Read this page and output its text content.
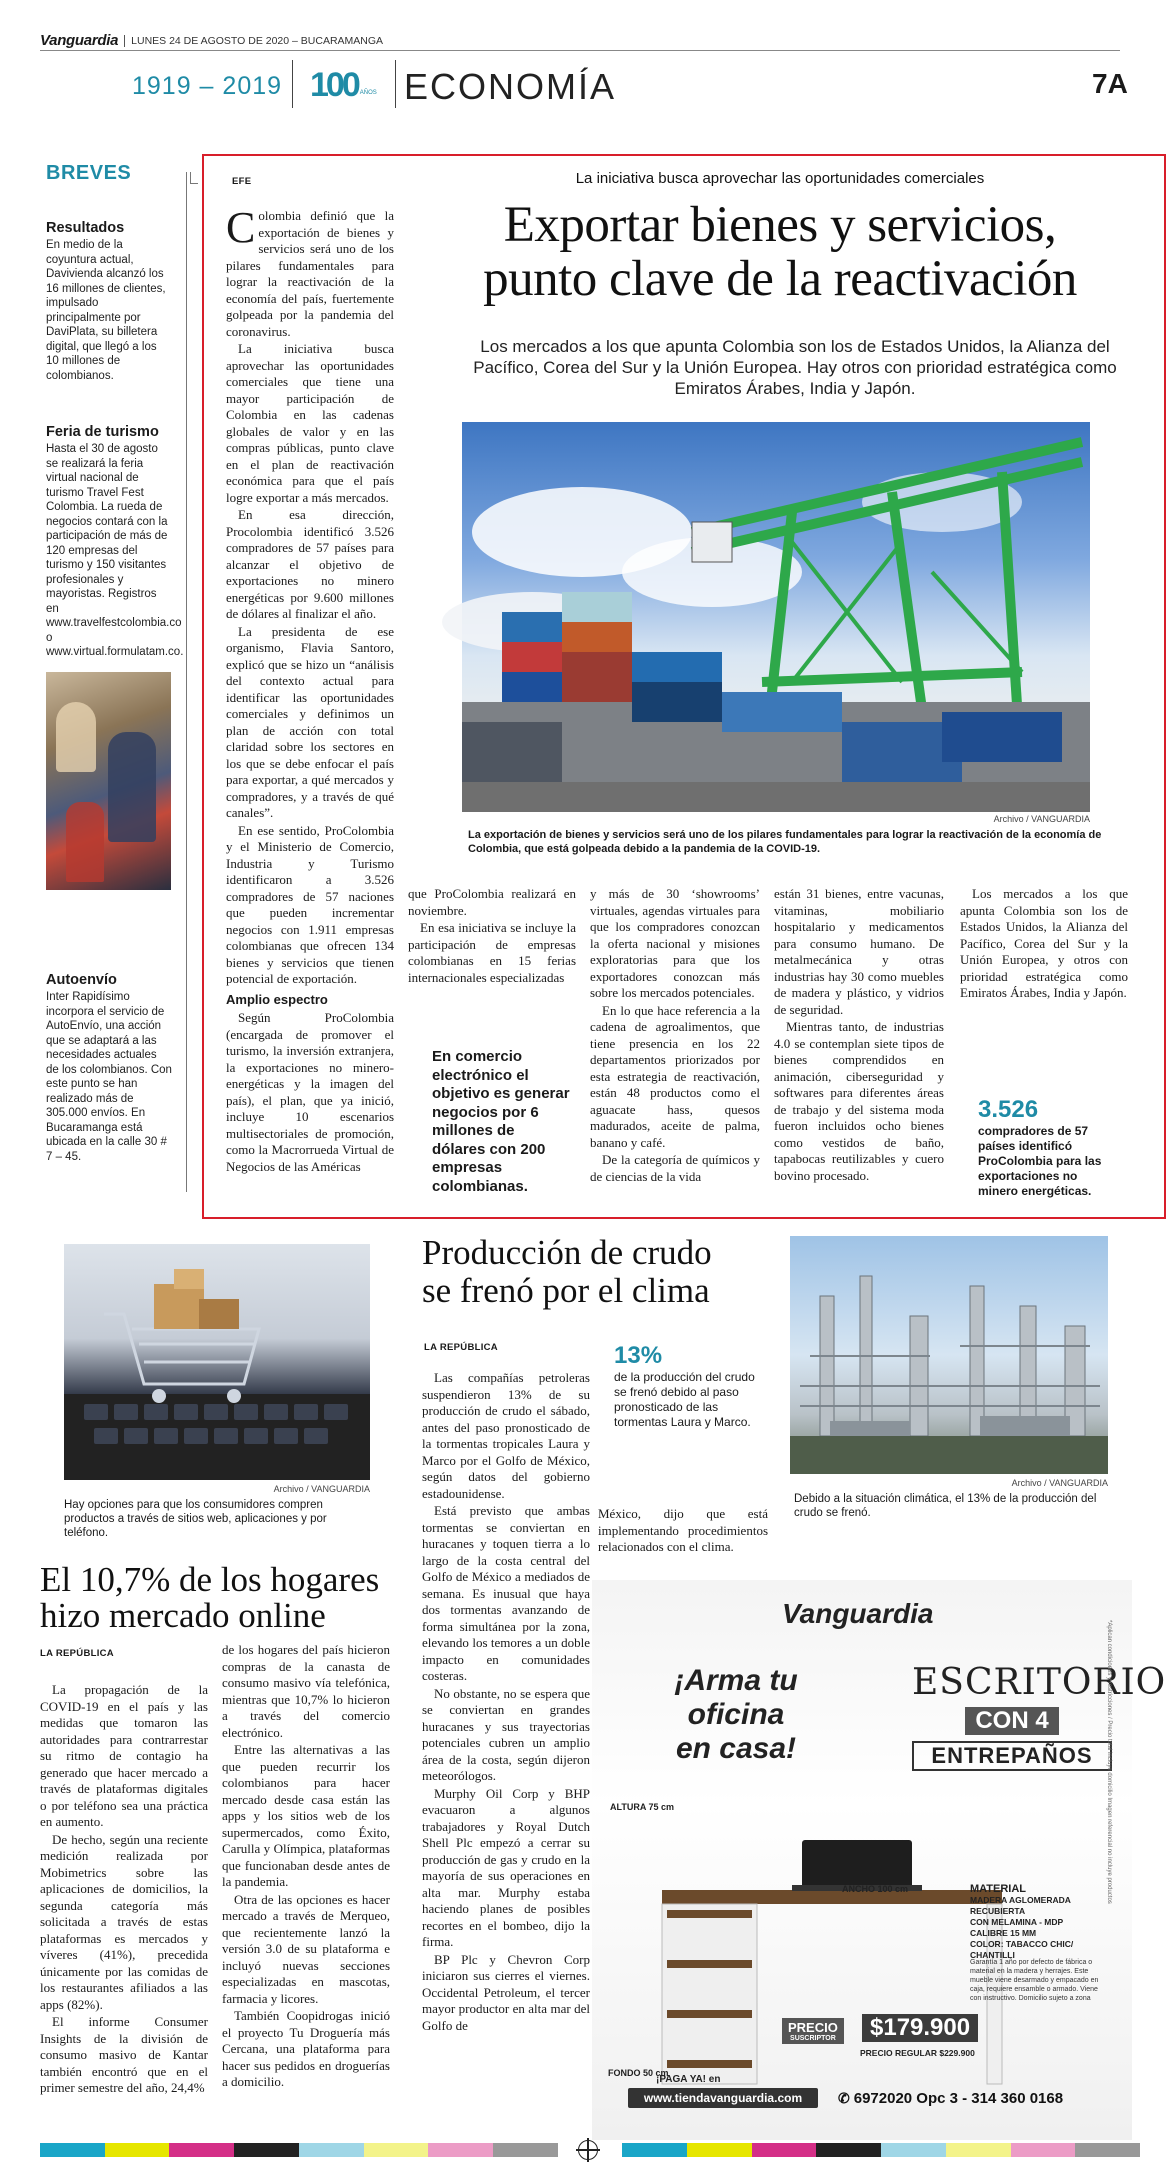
Vanguardia LUNES 24 DE AGOSTO DE 2020 – BUCARAMANGA
1919 – 2019 100 AÑOS ECONOMÍA	7A
BREVES
Resultados
En medio de la coyuntura actual, Davivienda alcanzó los 16 millones de clientes, impulsado principalmente por DaviPlata, su billetera digital, que llegó a los 10 millones de colombianos.
Feria de turismo
Hasta el 30 de agosto se realizará la feria virtual nacional de turismo Travel Fest Colombia. La rueda de negocios contará con la participación de más de 120 empresas del turismo y 150 visitantes profesionales y mayoristas. Registros en www.travelfestcolombia.co o www.virtual.formulatam.co.
Autoenvío
Inter Rapidísimo incorpora el servicio de AutoEnvío, una acción que se adaptará a las necesidades actuales de los colombianos. Con este punto se han realizado más de 305.000 envíos. En Bucaramanga está ubicada en la calle 30 # 7 – 45.
EFE	La iniciativa busca aprovechar las oportunidades comerciales
Exportar bienes y servicios,
punto clave de la reactivación
Los mercados a los que apunta Colombia son los de Estados Unidos, la Alianza del Pacífico, Corea del Sur y la Unión Europea. Hay otros con prioridad estratégica como Emiratos Árabes, India y Japón.
Archivo / VANGUARDIA
La exportación de bienes y servicios será uno de los pilares fundamentales para lograr la reactivación de la economía de Colombia, que está golpeada debido a la pandemia de la COVID-19.

Colombia definió que la exportación de bienes y servicios será uno de los pilares fundamentales para lograr la reactivación de la economía del país, fuertemente golpeada por la pandemia del coronavirus.

La iniciativa busca aprovechar las oportunidades comerciales que tiene una mayor participación de Colombia en las cadenas globales de valor y en las compras públicas, punto clave en el plan de reactivación económica para que el país logre exportar a más mercados.

En esa dirección, Procolombia identificó 3.526 compradores de 57 países para alcanzar el objetivo de exportaciones no minero energéticas por 9.600 millones de dólares al finalizar el año.

La presidenta de ese organismo, Flavia Santoro, explicó que se hizo un “análisis del contexto actual para identificar las oportunidades comerciales y definimos un plan de acción con total claridad sobre los sectores en los que se debe enfocar el país para exportar, a qué mercados y compradores, y a través de qué canales”.

En ese sentido, ProColombia y el Ministerio de Comercio, Industria y Turismo identificaron a 3.526 compradores de 57 naciones que pueden incrementar negocios con 1.911 empresas colombianas que ofrecen 134 bienes y servicios que tienen potencial de exportación.

Amplio espectro

Según ProColombia (encargada de promover el turismo, la inversión extranjera, la exportaciones no minero-energéticas y la imagen del país), el plan, que ya inició, incluye 10 escenarios multisectoriales de promoción, como la Macrorrueda Virtual de Negocios de las Américas

que ProColombia realizará en noviembre.

En esa iniciativa se incluye la participación de empresas colombianas en 15 ferias internacionales especializadas

En comercio electrónico el objetivo es generar negocios por 6 millones de dólares con 200 empresas colombianas.

y más de 30 ‘showrooms’ virtuales, agendas virtuales para que los compradores conozcan la oferta nacional y misiones exploratorias para que los exportadores conozcan más sobre los mercados potenciales.

En lo que hace referencia a la cadena de agroalimentos, que tiene presencia en los 22 departamentos priorizados por esta estrategia de reactivación, están 48 productos como el aguacate hass, quesos madurados, aceite de palma, banano y café.

De la categoría de químicos y de ciencias de la vida

están 31 bienes, entre vacunas, vitaminas, mobiliario hospitalario y medicamentos para consumo humano. De metalmecánica y otras industrias hay 30 como muebles de madera y plástico, y vidrios de seguridad.

Mientras tanto, de industrias 4.0 se contemplan siete tipos de bienes comprendidos en animación, ciberseguridad y softwares para diferentes áreas de trabajo y del sistema moda fueron incluidos ocho bienes como vestidos de baño, tapabocas reutilizables y cuero bovino procesado.

Los mercados a los que apunta Colombia son los de Estados Unidos, la Alianza del Pacífico, Corea del Sur y la Unión Europea, y otros con prioridad estratégica como Emiratos Árabes, India y Japón.

3.526
compradores de 57 países identificó ProColombia para las exportaciones no minero energéticas.
Archivo / VANGUARDIA
Hay opciones para que los consumidores compren productos a través de sitios web, aplicaciones y por teléfono.
El 10,7% de los hogares
hizo mercado online
LA REPÚBLICA

La propagación de la COVID-19 en el país y las medidas que tomaron las autoridades para contrarrestar su ritmo de contagio ha generado que hacer mercado a través de plataformas digitales o por teléfono sea una práctica en aumento.

De hecho, según una reciente medición realizada por Mobimetrics sobre las aplicaciones de domicilios, la segunda categoría más solicitada a través de estas plataformas es mercados y víveres (41%), precedida únicamente por las comidas de los restaurantes afiliados a las apps (82%).

El informe Consumer Insights de la división de consumo masivo de Kantar también encontró que en el primer semestre del año, 24,4%

de los hogares del país hicieron compras de la canasta de consumo masivo vía telefónica, mientras que 10,7% lo hicieron a través del comercio electrónico.

Entre las alternativas a las que pueden recurrir los colombianos para hacer mercado desde casa están las apps y los sitios web de los supermercados, como Éxito, Carulla y Olímpica, plataformas que funcionaban desde antes de la pandemia.

Otra de las opciones es hacer mercado a través de Merqueo, que recientemente lanzó la versión 3.0 de su plataforma e incluyó nuevas secciones especializadas en mascotas, farmacia y licores.

También Coopidrogas inició el proyecto Tu Droguería más Cercana, una plataforma para hacer sus pedidos en droguerías a domicilio.

Producción de crudo
se frenó por el clima
LA REPÚBLICA	13%
de la producción del crudo se frenó debido al paso pronosticado de las tormentas Laura y Marco.

Las compañías petroleras suspendieron 13% de su producción de crudo el sábado, antes del paso pronosticado de la tormentas tropicales Laura y Marco por el Golfo de México, según datos del gobierno estadounidense.

Está previsto que ambas tormentas se conviertan en huracanes y toquen tierra a lo largo de la costa central del Golfo de México a mediados de semana. Es inusual que haya dos tormentas avanzando de forma simultánea por la zona, elevando los temores a un doble impacto en comunidades costeras.

No obstante, no se espera que se conviertan en grandes huracanes y sus trayectorias potenciales cubren un amplio área de la costa, según dijeron meteorólogos.

Murphy Oil Corp y BHP evacuaron a algunos trabajadores y Royal Dutch Shell Plc empezó a cerrar su producción de gas y crudo en la mayoría de sus operaciones en alta mar. Murphy estaba haciendo planes de posibles recortes en el bombeo, dijo la firma.

BP Plc y Chevron Corp iniciaron sus cierres el viernes. Occidental Petroleum, el tercer mayor productor en alta mar del Golfo de

México, dijo que está implementando procedimientos relacionados con el clima.

Archivo / VANGUARDIA
Debido a la situación climática, el 13% de la producción del crudo se frenó.
Vanguardia
¡Arma tu oficina
en casa!
ESCRITORIO
CON 4
ENTREPAÑOS
ALTURA 75 cm
ANCHO 100 cm
FONDO 50 cm
MATERIAL
MADERA AGLOMERADA RECUBIERTA
CON MELAMINA - MDP
CALIBRE 15 MM
COLOR: TABACCO CHIC/ CHANTILLI
Garantía 1 año por defecto de fábrica o material en la madera y herrajes. Este mueble viene desarmado y empacado en caja, requiere ensamble o armado. Viene con instructivo. Domicilio sujeto a zona
PRECIO
SUSCRIPTOR	$179.900
PRECIO REGULAR $229.900
¡PAGA YA! en
www.tiendavanguardia.com	✆ 6972020 Opc 3 - 314 360 0168
*Aplican condiciones y restricciones / Precio total incluye domicilio Imagen referencial no incluye productos
